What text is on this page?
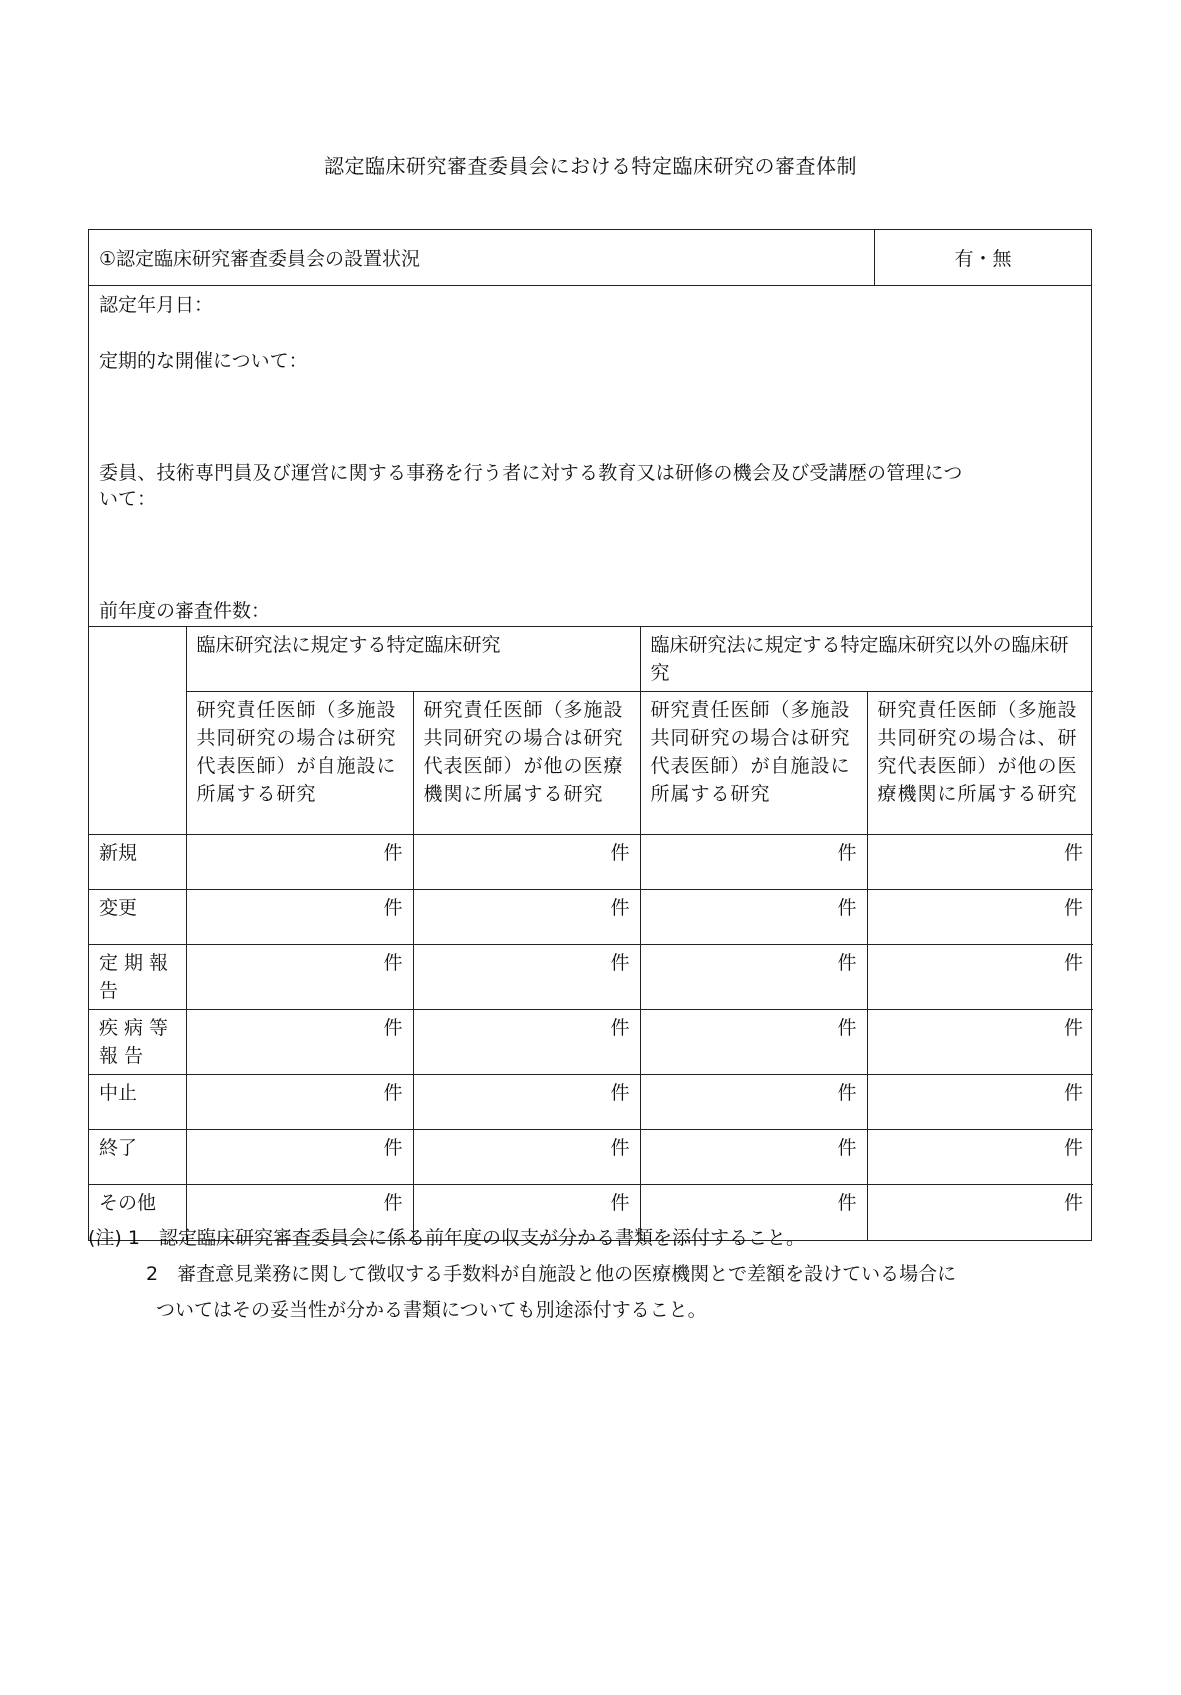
認定臨床研究審査委員会における特定臨床研究の審査体制
①認定臨床研究審査委員会の設置状況	有・無
認定年月日：
定期的な開催について：
委員、技術専門員及び運営に関する事務を行う者に対する教育又は研修の機会及び受講歴の管理につ
いて：
前年度の審査件数：
	臨床研究法に規定する特定臨床研究		臨床研究法に規定する特定臨床研究以外の臨床研究	
	研究責任医師（多施設共同研究の場合は研究代表医師）が自施設に所属する研究	研究責任医師（多施設共同研究の場合は研究代表医師）が他の医療機関に所属する研究	研究責任医師（多施設共同研究の場合は研究代表医師）が自施設に所属する研究	研究責任医師（多施設共同研究の場合は、研究代表医師）が他の医療機関に所属する研究
新規	件	件	件	件
変更	件	件	件	件
定期報告	件	件	件	件
疾病等報告	件	件	件	件
中止	件	件	件	件
終了	件	件	件	件
その他	件	件	件	件
(注) 1　認定臨床研究審査委員会に係る前年度の収支が分かる書類を添付すること。
2　審査意見業務に関して徴収する手数料が自施設と他の医療機関とで差額を設けている場合に
ついてはその妥当性が分かる書類についても別途添付すること。
